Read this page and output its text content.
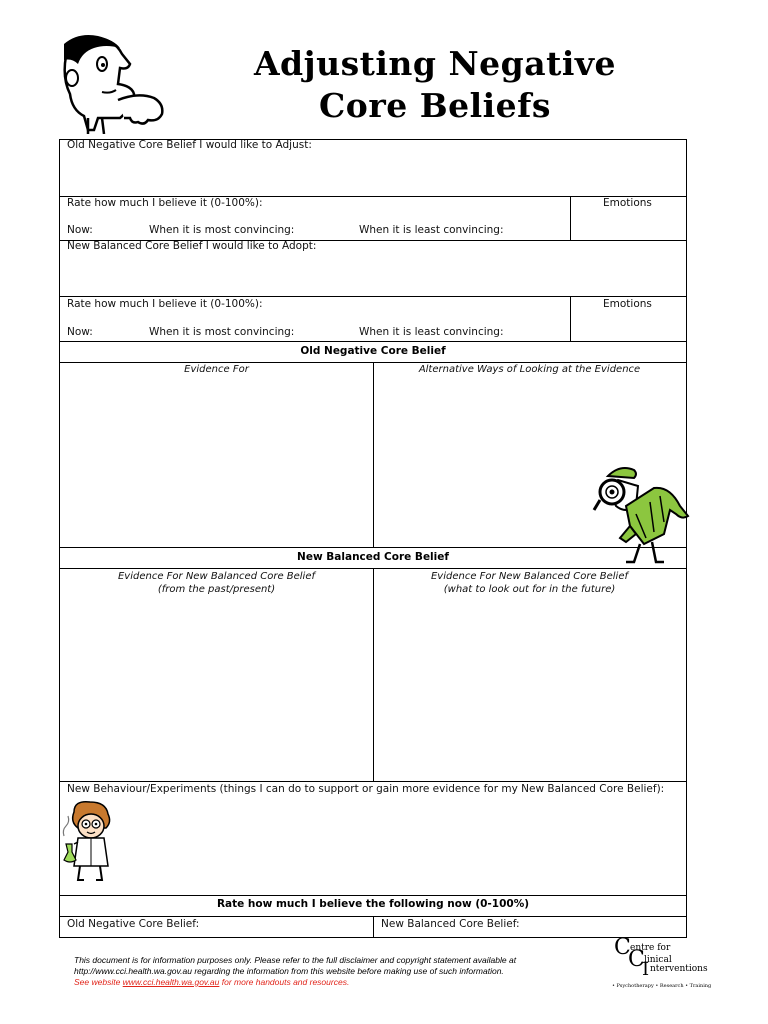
Adjusting Negative
Core Beliefs
Old Negative Core Belief I would like to Adjust:
Rate how much I believe it (0-100%):
Now:	When it is most convincing:	When it is least convincing:
Emotions
New Balanced Core Belief I would like to Adopt:
Rate how much I believe it (0-100%):
Now:	When it is most convincing:	When it is least convincing:
Emotions
Old Negative Core Belief
Evidence For	Alternative Ways of Looking at the Evidence
New Balanced Core Belief
Evidence For New Balanced Core Belief
(from the past/present)
Evidence For New Balanced Core Belief
(what to look out for in the future)
New Behaviour/Experiments (things I can do to support or gain more evidence for my New Balanced Core Belief):
Rate how much I believe the following now (0-100%)
Old Negative Core Belief:	New Balanced Core Belief:
This document is for information purposes only. Please refer to the full disclaimer and copyright statement available at
http://www.cci.health.wa.gov.au regarding the information from this website before making use of such information.
See website www.cci.health.wa.gov.au for more handouts and resources.
C entre for
C linical
I nterventions
• Psychotherapy • Research • Training
